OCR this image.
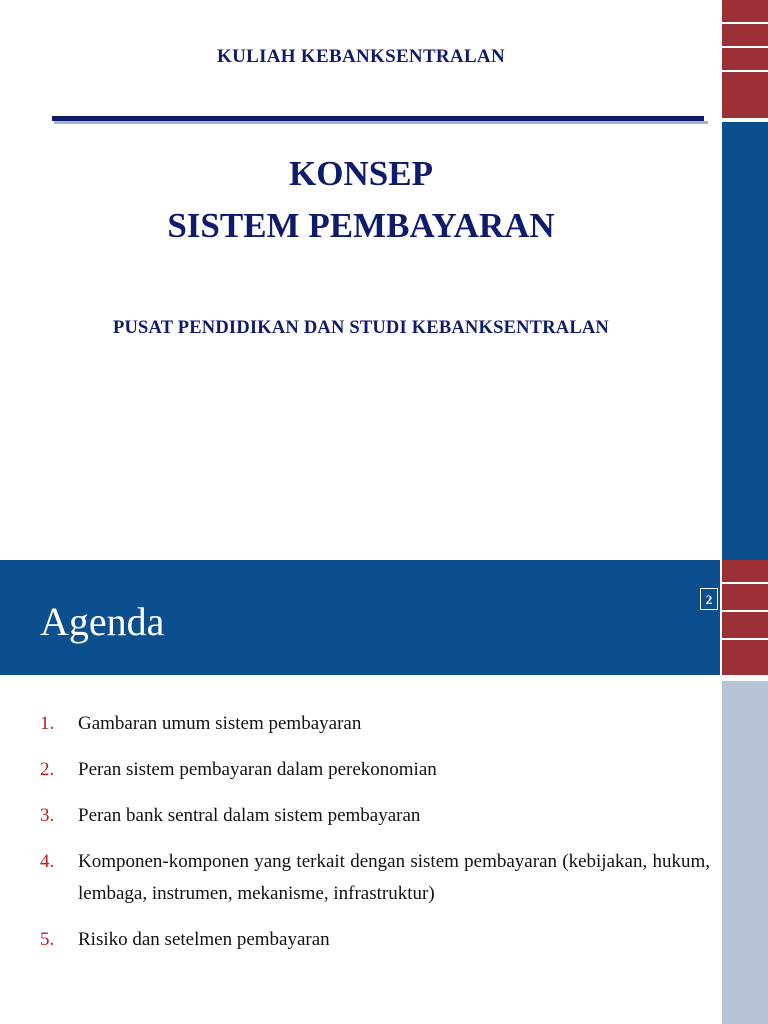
KULIAH KEBANKSENTRALAN
KONSEP
SISTEM PEMBAYARAN
PUSAT PENDIDIKAN DAN STUDI KEBANKSENTRALAN
Agenda	2
1. Gambaran umum sistem pembayaran
2. Peran sistem pembayaran dalam perekonomian
3. Peran bank sentral dalam sistem pembayaran
4. Komponen-komponen yang terkait dengan sistem pembayaran (kebijakan, hukum, lembaga, instrumen, mekanisme, infrastruktur)
5. Risiko dan setelmen pembayaran
